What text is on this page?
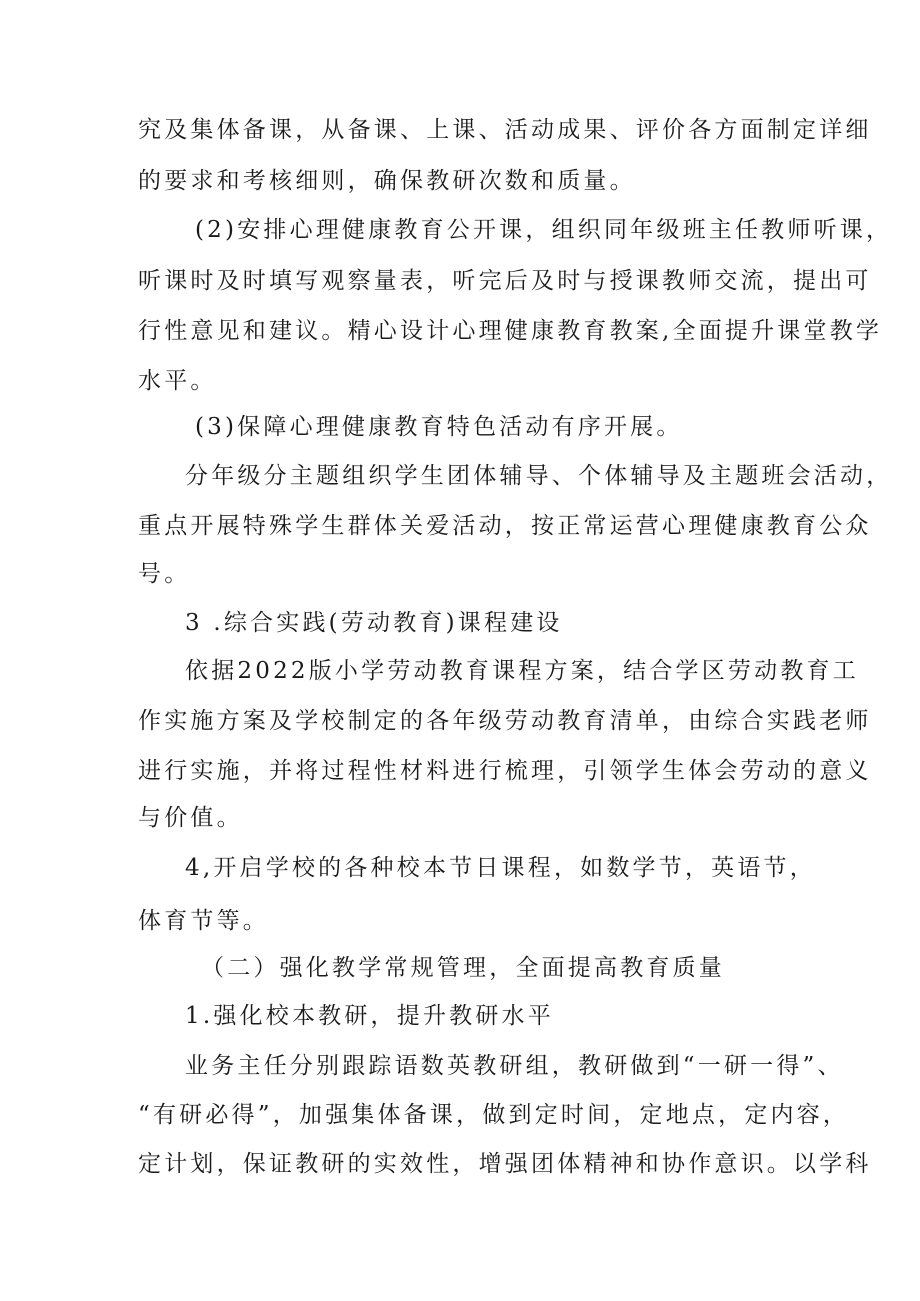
究及集体备课，从备课、上课、活动成果、评价各方面制定详细
的要求和考核细则，确保教研次数和质量。
(2)安排心理健康教育公开课，组织同年级班主任教师听课，
听课时及时填写观察量表，听完后及时与授课教师交流，提出可
行性意见和建议。精心设计心理健康教育教案,全面提升课堂教学
水平。
(3)保障心理健康教育特色活动有序开展。
分年级分主题组织学生团体辅导、个体辅导及主题班会活动，
重点开展特殊学生群体关爱活动，按正常运营心理健康教育公众
号。
3 .综合实践(劳动教育)课程建设
依据2022版小学劳动教育课程方案，结合学区劳动教育工
作实施方案及学校制定的各年级劳动教育清单，由综合实践老师
进行实施，并将过程性材料进行梳理，引领学生体会劳动的意义
与价值。
4,开启学校的各种校本节日课程，如数学节，英语节，
体育节等。
（二）强化教学常规管理，全面提高教育质量
1.强化校本教研，提升教研水平
业务主任分别跟踪语数英教研组，教研做到“一研一得”、
“有研必得”，加强集体备课，做到定时间，定地点，定内容，
定计划，保证教研的实效性，增强团体精神和协作意识。以学科
